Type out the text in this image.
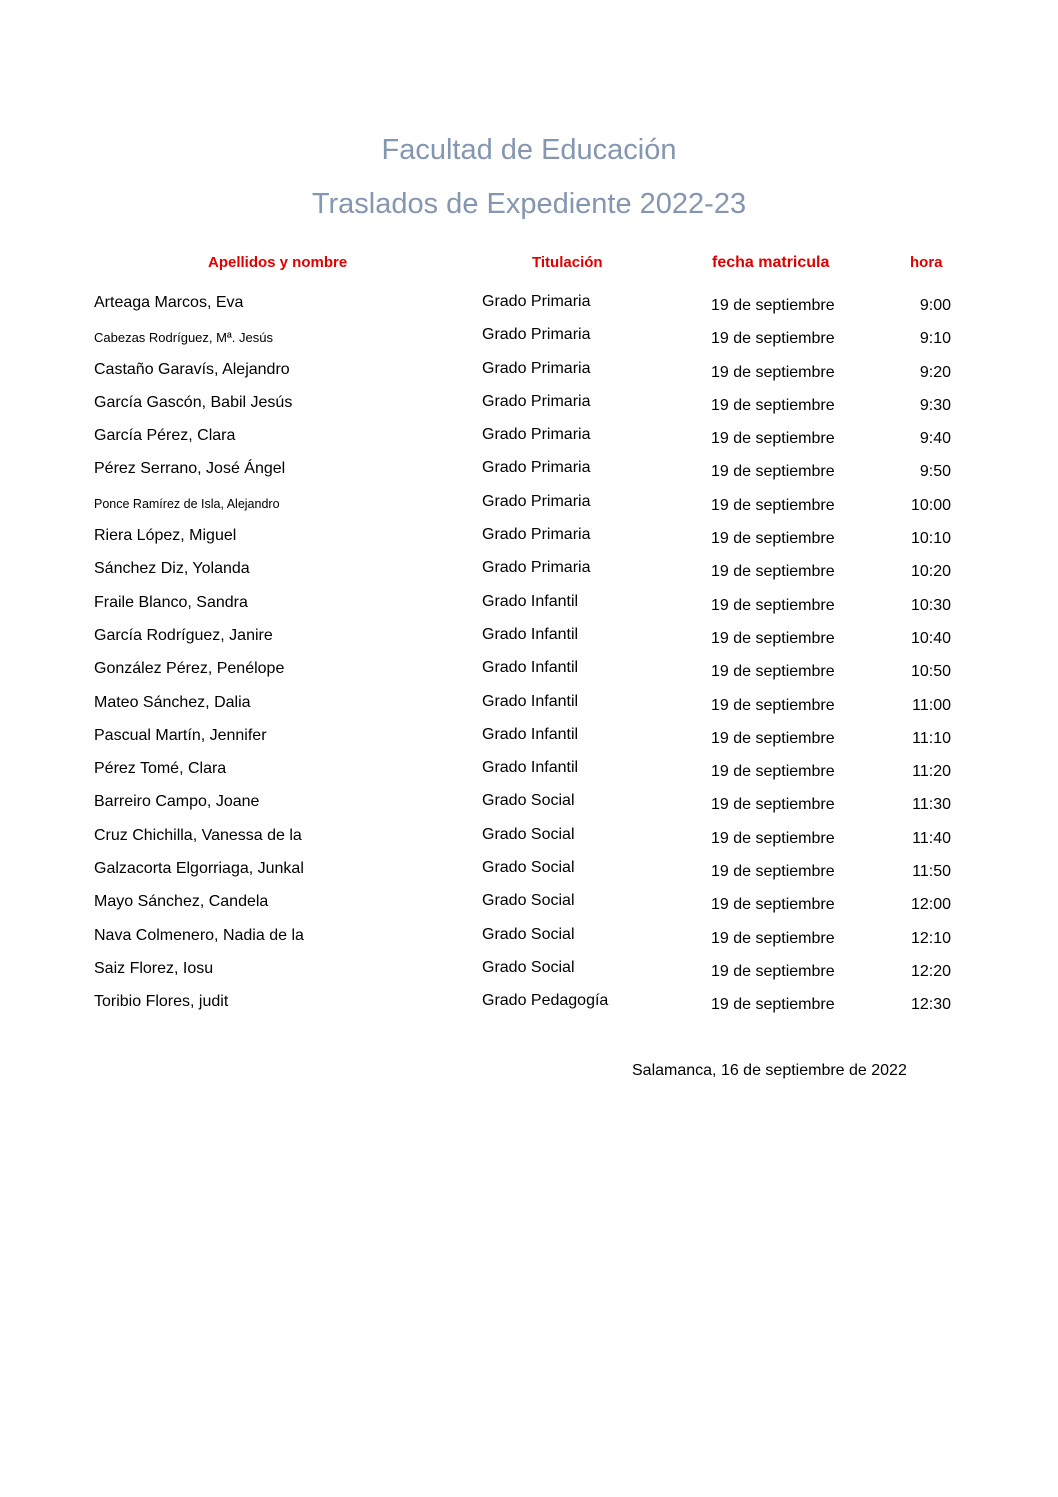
Facultad de Educación
Traslados de Expediente 2022-23
Apellidos y nombre	Titulación	fecha matricula	hora
Arteaga Marcos, Eva	Grado Primaria	19 de septiembre	9:00
Cabezas Rodríguez, Mª. Jesús	Grado Primaria	19 de septiembre	9:10
Castaño Garavís, Alejandro	Grado Primaria	19 de septiembre	9:20
García Gascón, Babil Jesús	Grado Primaria	19 de septiembre	9:30
García Pérez, Clara	Grado Primaria	19 de septiembre	9:40
Pérez Serrano, José Ángel	Grado Primaria	19 de septiembre	9:50
Ponce Ramírez de Isla, Alejandro	Grado Primaria	19 de septiembre	10:00
Riera López, Miguel	Grado Primaria	19 de septiembre	10:10
Sánchez Diz, Yolanda	Grado Primaria	19 de septiembre	10:20
Fraile Blanco, Sandra	Grado Infantil	19 de septiembre	10:30
García Rodríguez, Janire	Grado Infantil	19 de septiembre	10:40
González Pérez, Penélope	Grado Infantil	19 de septiembre	10:50
Mateo Sánchez, Dalia	Grado Infantil	19 de septiembre	11:00
Pascual Martín, Jennifer	Grado Infantil	19 de septiembre	11:10
Pérez Tomé, Clara	Grado Infantil	19 de septiembre	11:20
Barreiro Campo, Joane	Grado Social	19 de septiembre	11:30
Cruz Chichilla, Vanessa de la	Grado Social	19 de septiembre	11:40
Galzacorta Elgorriaga, Junkal	Grado Social	19 de septiembre	11:50
Mayo Sánchez, Candela	Grado Social	19 de septiembre	12:00
Nava Colmenero, Nadia de la	Grado Social	19 de septiembre	12:10
Saiz Florez, Iosu	Grado Social	19 de septiembre	12:20
Toribio Flores, judit	Grado Pedagogía	19 de septiembre	12:30
Salamanca, 16 de septiembre de 2022
